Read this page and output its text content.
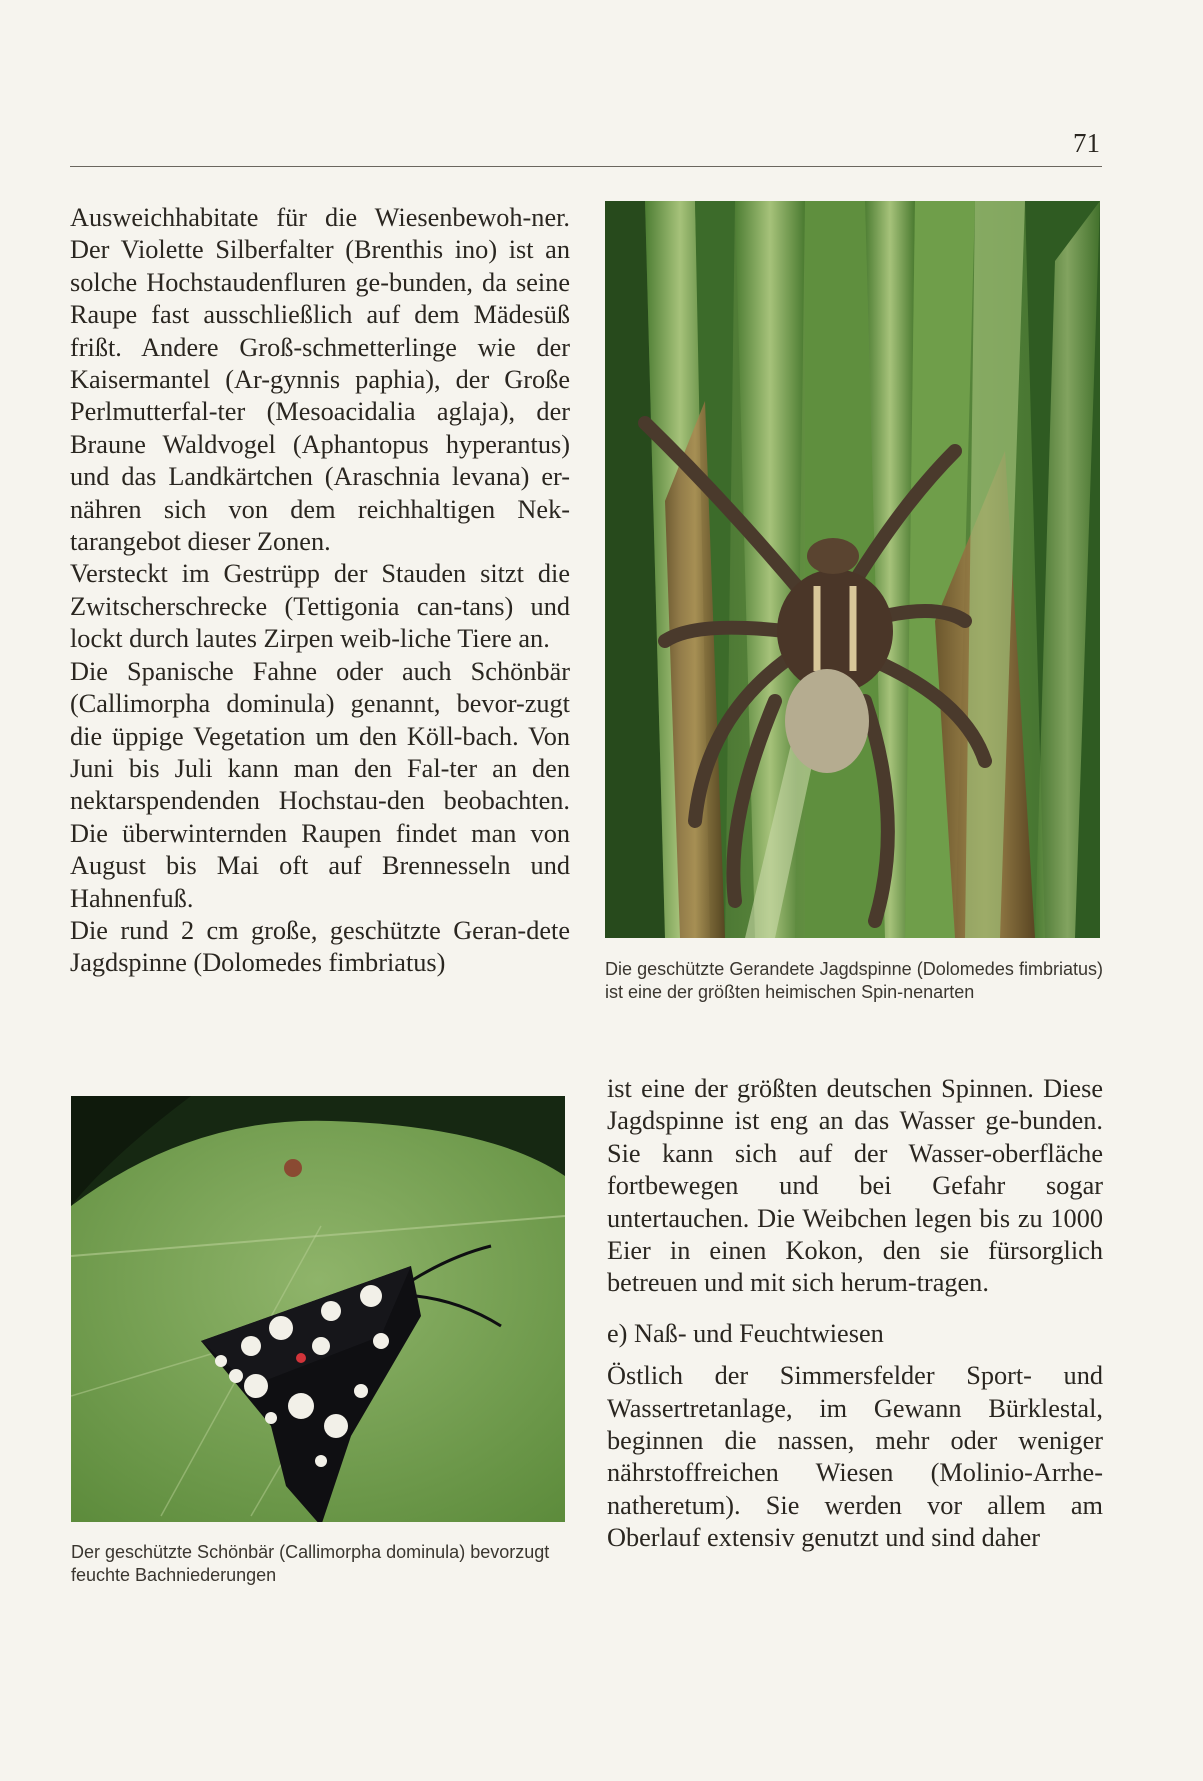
71

Ausweichhabitate für die Wiesenbewoh-ner. Der Violette Silberfalter (Brenthis ino) ist an solche Hochstaudenfluren ge-bunden, da seine Raupe fast ausschließlich auf dem Mädesüß frißt. Andere Groß-schmetterlinge wie der Kaisermantel (Ar-gynnis paphia), der Große Perlmutterfal-ter (Mesoacidalia aglaja), der Braune Waldvogel (Aphantopus hyperantus) und das Landkärtchen (Araschnia levana) er-nähren sich von dem reichhaltigen Nek-tarangebot dieser Zonen.

Versteckt im Gestrüpp der Stauden sitzt die Zwitscherschrecke (Tettigonia can-tans) und lockt durch lautes Zirpen weib-liche Tiere an.

Die Spanische Fahne oder auch Schönbär (Callimorpha dominula) genannt, bevor-zugt die üppige Vegetation um den Köll-bach. Von Juni bis Juli kann man den Fal-ter an den nektarspendenden Hochstau-den beobachten. Die überwinternden Raupen findet man von August bis Mai oft auf Brennesseln und Hahnenfuß.

Die rund 2 cm große, geschützte Geran-dete Jagdspinne (Dolomedes fimbriatus)	Die geschützte Gerandete Jagdspinne (Dolomedes fimbriatus) ist eine der größten heimischen Spin-nenarten

ist eine der größten deutschen Spinnen. Diese Jagdspinne ist eng an das Wasser ge-bunden. Sie kann sich auf der Wasser-oberfläche fortbewegen und bei Gefahr sogar untertauchen. Die Weibchen legen bis zu 1000 Eier in einen Kokon, den sie fürsorglich betreuen und mit sich herum-tragen.

e) Naß- und Feuchtwiesen

Östlich der Simmersfelder Sport- und Wassertretanlage, im Gewann Bürklestal, beginnen die nassen, mehr oder weniger nährstoffreichen Wiesen (Molinio-Arrhe-natheretum). Sie werden vor allem am Oberlauf extensiv genutzt und sind daher

Der geschützte Schönbär (Callimorpha dominula) bevorzugt feuchte Bachniederungen
